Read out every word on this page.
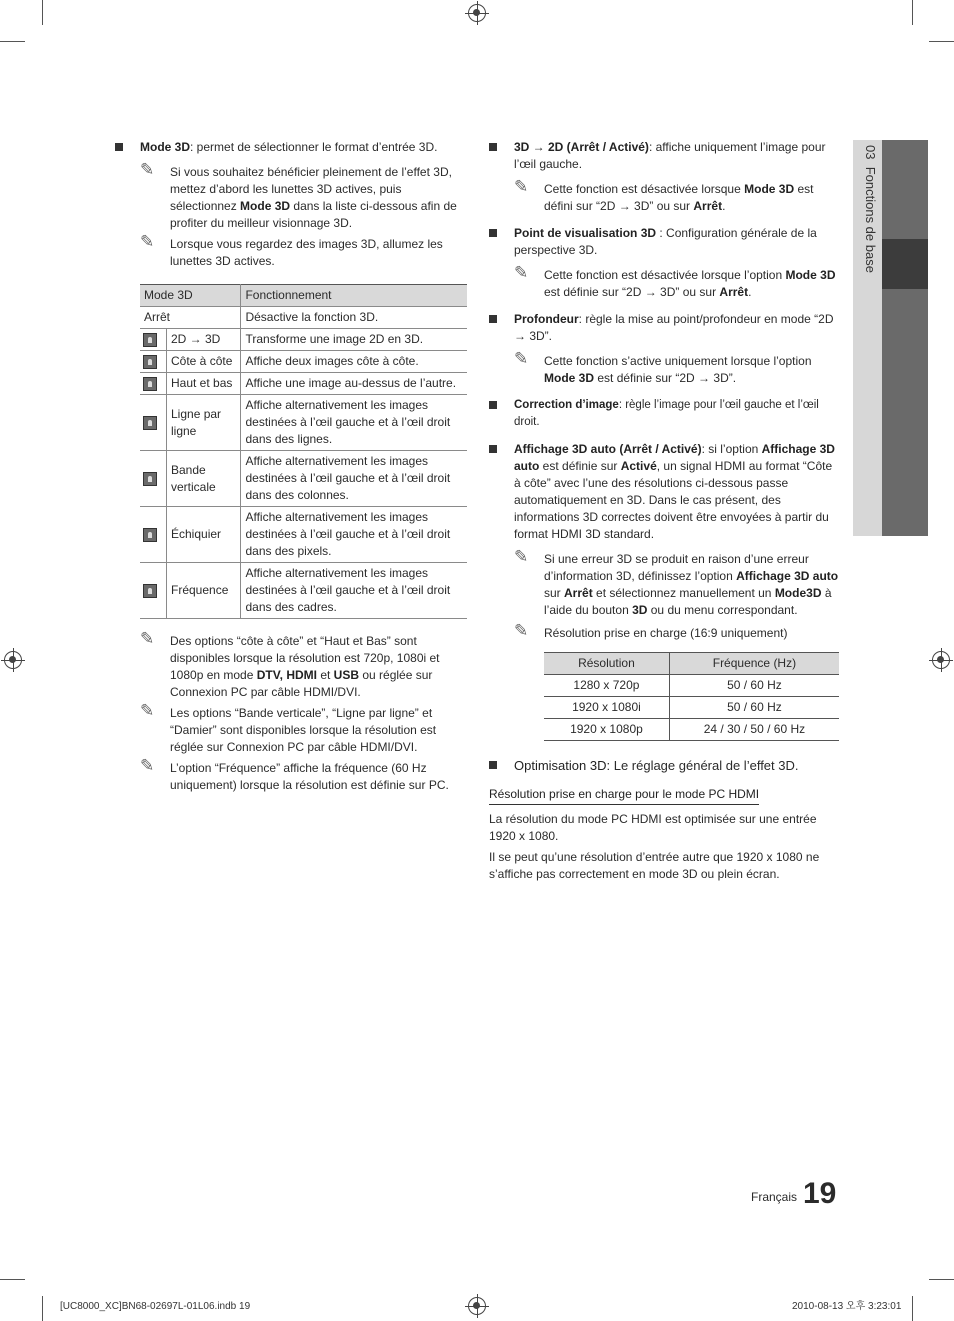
03  Fonctions de base
Mode 3D: permet de sélectionner le format d’entrée 3D.
✎ Si vous souhaitez bénéficier pleinement de l’effet 3D, mettez d’abord les lunettes 3D actives, puis sélectionnez Mode 3D dans la liste ci-dessous afin de profiter du meilleur visionnage 3D.
✎ Lorsque vous regardez des images 3D, allumez les lunettes 3D actives.
Mode 3D		Fonctionnement
Arrêt		Désactive la fonction 3D.
	2D → 3D	Transforme une image 2D en 3D.
	Côte à côte	Affiche deux images côte à côte.
	Haut et bas	Affiche une image au-dessus de l’autre.
	Ligne par ligne	Affiche alternativement les images destinées à l’œil gauche et à l’œil droit dans des lignes.
	Bande verticale	Affiche alternativement les images destinées à l’œil gauche et à l’œil droit dans des colonnes.
	Échiquier	Affiche alternativement les images destinées à l’œil gauche et à l’œil droit dans des pixels.
	Fréquence	Affiche alternativement les images destinées à l’œil gauche et à l’œil droit dans des cadres.
✎ Des options “côte à côte” et “Haut et Bas” sont disponibles lorsque la résolution est 720p, 1080i et 1080p en mode DTV, HDMI et USB ou réglée sur Connexion PC par câble HDMI/DVI.
✎ Les options “Bande verticale”, “Ligne par ligne” et “Damier” sont disponibles lorsque la résolution est réglée sur Connexion PC par câble HDMI/DVI.
✎ L’option “Fréquence” affiche la fréquence (60 Hz uniquement) lorsque la résolution est définie sur PC.
3D → 2D (Arrêt / Activé): affiche uniquement l’image pour l’œil gauche.
✎ Cette fonction est désactivée lorsque Mode 3D est défini sur “2D → 3D” ou sur Arrêt.
Point de visualisation 3D : Configuration générale de la perspective 3D.
✎ Cette fonction est désactivée lorsque l’option Mode 3D est définie sur “2D → 3D” ou sur Arrêt.
Profondeur: règle la mise au point/profondeur en mode “2D → 3D”.
✎ Cette fonction s’active uniquement lorsque l’option Mode 3D est définie sur “2D → 3D”.
Correction d’image: règle l’image pour l’œil gauche et l’œil droit.
Affichage 3D auto (Arrêt / Activé): si l’option Affichage 3D auto est définie sur Activé, un signal HDMI au format “Côte à côte” avec l’une des résolutions ci-dessous passe automatiquement en 3D. Dans le cas présent, des informations 3D correctes doivent être envoyées à partir du format HDMI 3D standard.
✎ Si une erreur 3D se produit en raison d’une erreur d’information 3D, définissez l’option Affichage 3D auto sur Arrêt et sélectionnez manuellement un Mode3D à l’aide du bouton 3D ou du menu correspondant.
✎ Résolution prise en charge (16:9 uniquement)
Résolution	Fréquence (Hz)
1280 x 720p	50 / 60 Hz
1920 x 1080i	50 / 60 Hz
1920 x 1080p	24 / 30 / 50 / 60 Hz
Optimisation 3D: Le réglage général de l’effet 3D.
Résolution prise en charge pour le mode PC HDMI
La résolution du mode PC HDMI est optimisée sur une entrée 1920 x 1080.
Il se peut qu’une résolution d’entrée autre que 1920 x 1080 ne s’affiche pas correctement en mode 3D ou plein écran.
Français 19
[UC8000_XC]BN68-02697L-01L06.indb 19	2010-08-13 오후 3:23:01
